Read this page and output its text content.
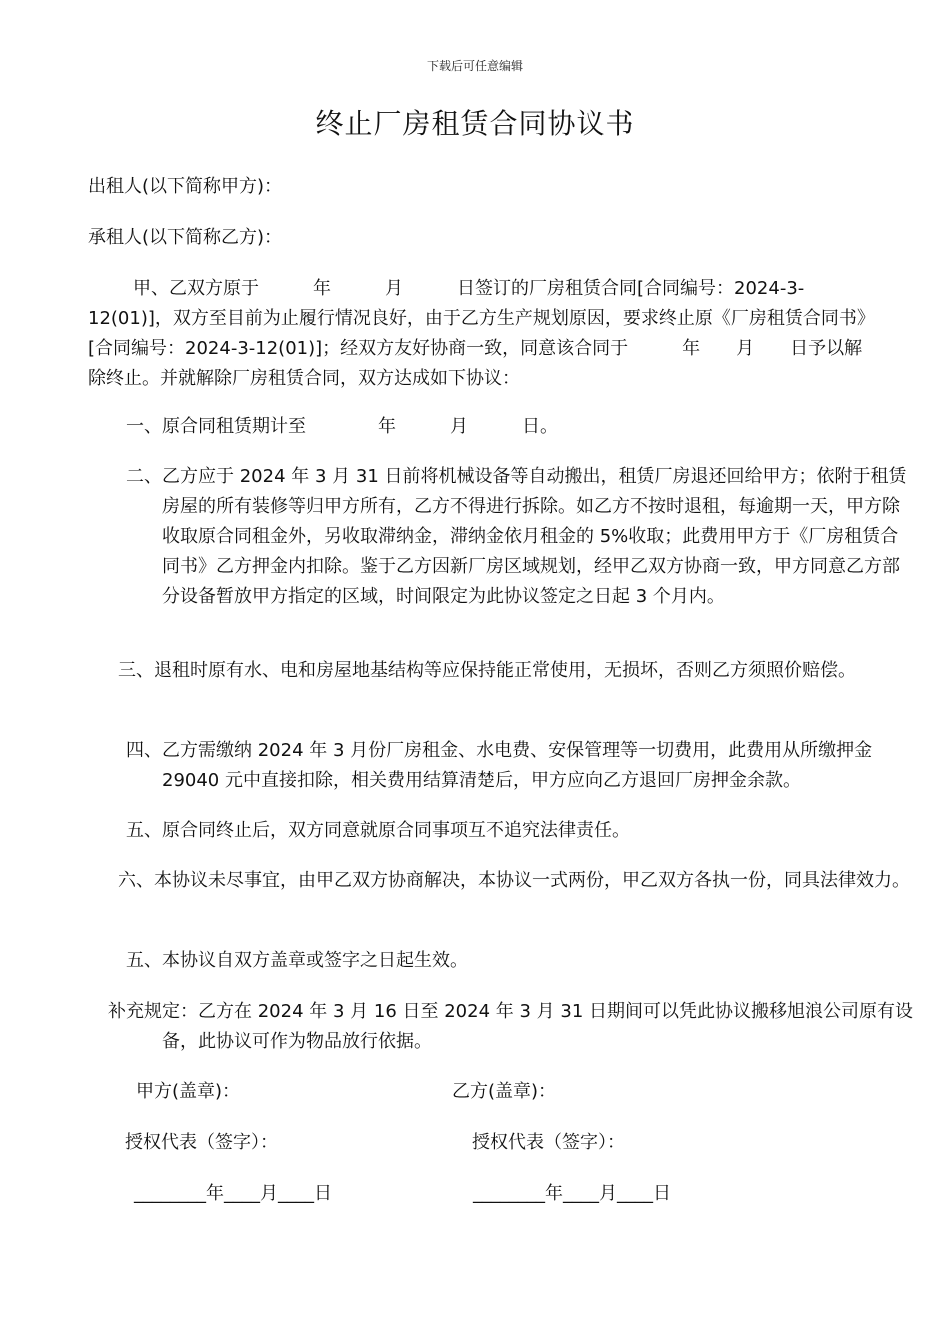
下载后可任意编辑
终止厂房租赁合同协议书

出租人(以下简称甲方)：

承租人(以下简称乙方)：

甲、乙双方原于　　　年　　　月　　　日签订的厂房租赁合同[合同编号：2024-3-12(01)]，双方至目前为止履行情况良好，由于乙方生产规划原因，要求终止原《厂房租赁合同书》[合同编号：2024-3-12(01)]；经双方友好协商一致，同意该合同于　　　年　　月　　日予以解除终止。并就解除厂房租赁合同，双方达成如下协议：

一、原合同租赁期计至　　　　年　　　月　　　日。

二、乙方应于 2024 年 3 月 31 日前将机械设备等自动搬出，租赁厂房退还回给甲方；依附于租赁房屋的所有装修等归甲方所有，乙方不得进行拆除。如乙方不按时退租，每逾期一天，甲方除收取原合同租金外，另收取滞纳金，滞纳金依月租金的 5%收取；此费用甲方于《厂房租赁合同书》乙方押金内扣除。鉴于乙方因新厂房区域规划，经甲乙双方协商一致，甲方同意乙方部分设备暂放甲方指定的区域，时间限定为此协议签定之日起 3 个月内。

三、退租时原有水、电和房屋地基结构等应保持能正常使用，无损坏，否则乙方须照价赔偿。

四、乙方需缴纳 2024 年 3 月份厂房租金、水电费、安保管理等一切费用，此费用从所缴押金 29040 元中直接扣除，相关费用结算清楚后，甲方应向乙方退回厂房押金余款。

五、原合同终止后，双方同意就原合同事项互不追究法律责任。

六、本协议未尽事宜，由甲乙双方协商解决，本协议一式两份，甲乙双方各执一份，同具法律效力。

五、本协议自双方盖章或签字之日起生效。

补充规定：乙方在 2024 年 3 月 16 日至 2024 年 3 月 31 日期间可以凭此协议搬移旭浪公司原有设备，此协议可作为物品放行依据。

甲方(盖章)：	乙方(盖章)：
授权代表（签字）：	授权代表（签字）：
________年____月____日	________年____月____日
